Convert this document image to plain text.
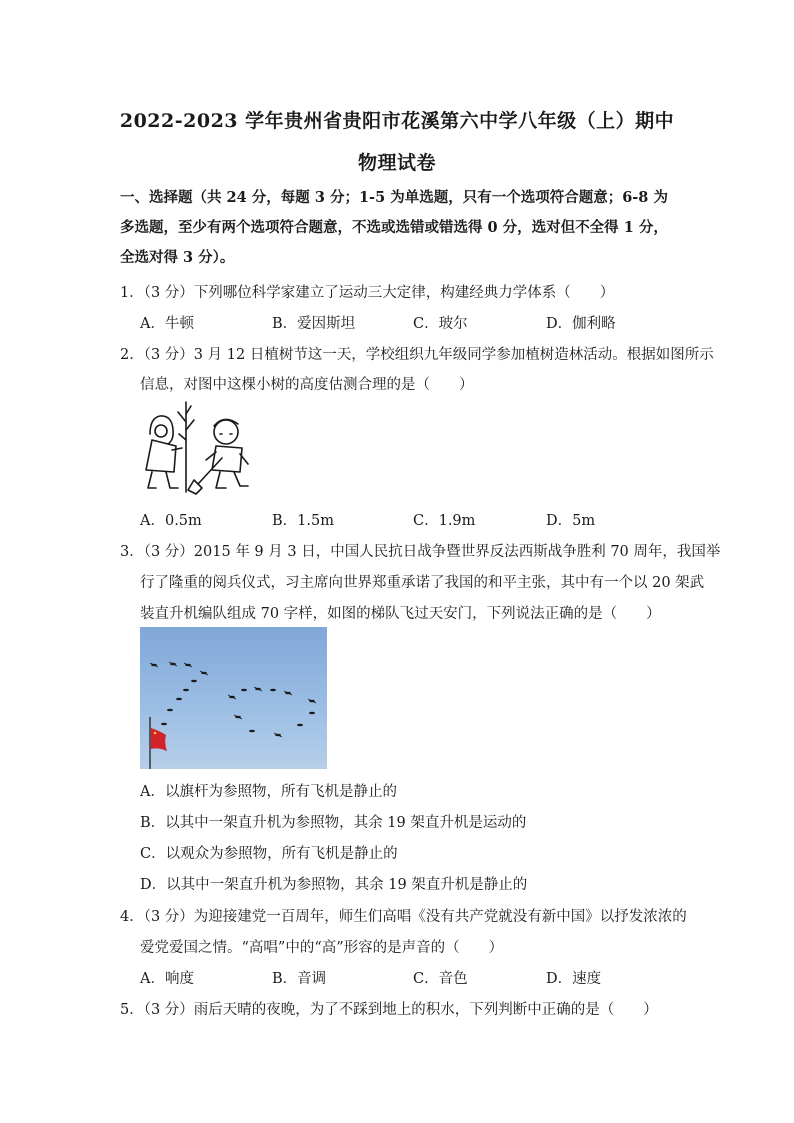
2022-2023 学年贵州省贵阳市花溪第六中学八年级（上）期中
物理试卷
一、选择题（共 24 分，每题 3 分；1-5 为单选题，只有一个选项符合题意；6-8 为多选题，至少有两个选项符合题意，不选或选错或错选得 0 分，选对但不全得 1 分，全选对得 3 分）。
1．（3 分）下列哪位科学家建立了运动三大定律，构建经典力学体系（　　）
A．牛顿	B．爱因斯坦	C．玻尔	D．伽利略
2．（3 分）3 月 12 日植树节这一天，学校组织九年级同学参加植树造林活动。根据如图所示
信息，对图中这棵小树的高度估测合理的是（　　）
A．0.5m	B．1.5m	C．1.9m	D．5m
3．（3 分）2015 年 9 月 3 日，中国人民抗日战争暨世界反法西斯战争胜利 70 周年，我国举
行了隆重的阅兵仪式，习主席向世界郑重承诺了我国的和平主张，其中有一个以 20 架武
装直升机编队组成 70 字样，如图的梯队飞过天安门，下列说法正确的是（　　）
A．以旗杆为参照物，所有飞机是静止的
B．以其中一架直升机为参照物，其余 19 架直升机是运动的
C．以观众为参照物，所有飞机是静止的
D．以其中一架直升机为参照物，其余 19 架直升机是静止的
4．（3 分）为迎接建党一百周年，师生们高唱《没有共产党就没有新中国》以抒发浓浓的
爱党爱国之情。“高唱”中的“高”形容的是声音的（　　）
A．响度	B．音调	C．音色	D．速度
5．（3 分）雨后天晴的夜晚，为了不踩到地上的积水，下列判断中正确的是（　　）
